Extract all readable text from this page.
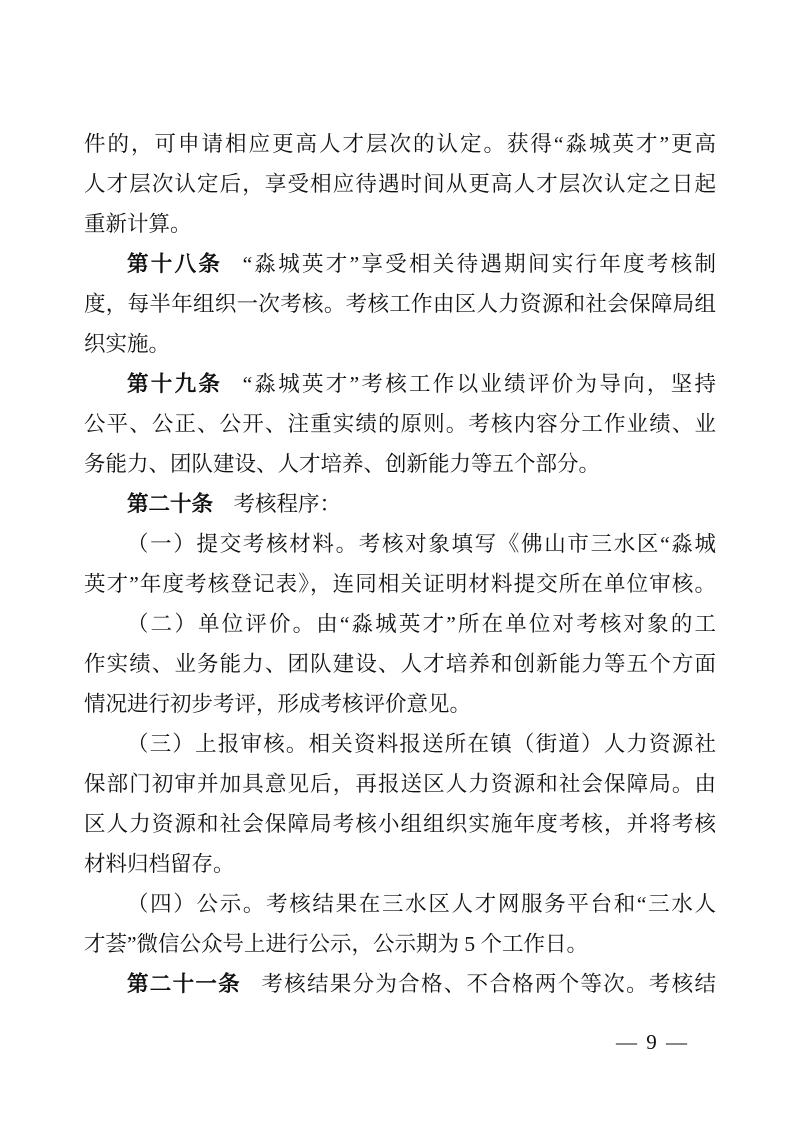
件的，可申请相应更高人才层次的认定。获得“淼城英才”更高
人才层次认定后，享受相应待遇时间从更高人才层次认定之日起
重新计算。
第十八条 “淼城英才”享受相关待遇期间实行年度考核制
度，每半年组织一次考核。考核工作由区人力资源和社会保障局组
织实施。
第十九条 “淼城英才”考核工作以业绩评价为导向，坚持
公平、公正、公开、注重实绩的原则。考核内容分工作业绩、业
务能力、团队建设、人才培养、创新能力等五个部分。
第二十条 考核程序：
（一）提交考核材料。考核对象填写《佛山市三水区“淼城
英才”年度考核登记表》，连同相关证明材料提交所在单位审核。
（二）单位评价。由“淼城英才”所在单位对考核对象的工
作实绩、业务能力、团队建设、人才培养和创新能力等五个方面
情况进行初步考评，形成考核评价意见。
（三）上报审核。相关资料报送所在镇（街道）人力资源社
保部门初审并加具意见后，再报送区人力资源和社会保障局。由
区人力资源和社会保障局考核小组组织实施年度考核，并将考核
材料归档留存。
（四）公示。考核结果在三水区人才网服务平台和“三水人
才荟”微信公众号上进行公示，公示期为 5 个工作日。
第二十一条 考核结果分为合格、不合格两个等次。考核结
— 9 —
